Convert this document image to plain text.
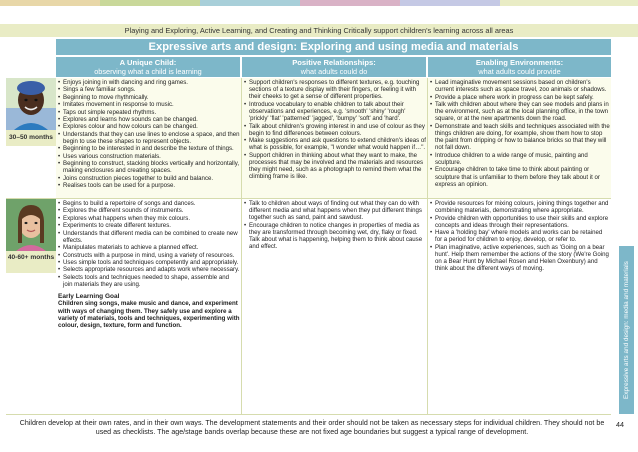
Playing and Exploring, Active Learning, and Creating and Thinking Critically support children's learning across all areas
Expressive arts and design: Exploring and using media and materials
A Unique Child:
observing what a child is learning
Positive Relationships:
what adults could do
Enabling Environments:
what adults could provide
30–50 months
• Enjoys joining in with dancing and ring games.
• Sings a few familiar songs.
• Beginning to move rhythmically.
• Imitates movement in response to music.
• Taps out simple repeated rhythms.
• Explores and learns how sounds can be changed.
• Explores colour and how colours can be changed.
• Understands that they can use lines to enclose a space, and then begin to use these shapes to represent objects.
• Beginning to be interested in and describe the texture of things.
• Uses various construction materials.
• Beginning to construct, stacking blocks vertically and horizontally, making enclosures and creating spaces.
• Joins construction pieces together to build and balance.
• Realises tools can be used for a purpose.
• Support children's responses to different textures, e.g. touching sections of a texture display with their fingers, or feeling it with their cheeks to get a sense of different properties.
• Introduce vocabulary to enable children to talk about their observations and experiences, e.g. 'smooth' 'shiny' 'rough' 'prickly' 'flat' 'patterned' 'jagged', 'bumpy' 'soft' and 'hard'.
• Talk about children's growing interest in and use of colour as they begin to find differences between colours.
• Make suggestions and ask questions to extend children's ideas of what is possible, for example, "I wonder what would happen if…".
• Support children in thinking about what they want to make, the processes that may be involved and the materials and resources they might need, such as a photograph to remind them what the climbing frame is like.
• Lead imaginative movement sessions based on children's current interests such as space travel, zoo animals or shadows.
• Provide a place where work in progress can be kept safely.
• Talk with children about where they can see models and plans in the environment, such as at the local planning office, in the town square, or at the new apartments down the road.
• Demonstrate and teach skills and techniques associated with the things children are doing, for example, show them how to stop the paint from dripping or how to balance bricks so that they will not fall down.
• Introduce children to a wide range of music, painting and sculpture.
• Encourage children to take time to think about painting or sculpture that is unfamiliar to them before they talk about it or express an opinion.
40-60+ months
• Begins to build a repertoire of songs and dances.
• Explores the different sounds of instruments.
• Explores what happens when they mix colours.
• Experiments to create different textures.
• Understands that different media can be combined to create new effects.
• Manipulates materials to achieve a planned effect.
• Constructs with a purpose in mind, using a variety of resources.
• Uses simple tools and techniques competently and appropriately.
• Selects appropriate resources and adapts work where necessary.
• Selects tools and techniques needed to shape, assemble and join materials they are using.
Early Learning Goal
Children sing songs, make music and dance, and experiment with ways of changing them. They safely use and explore a variety of materials, tools and techniques, experimenting with colour, design, texture, form and function.
• Talk to children about ways of finding out what they can do with different media and what happens when they put different things together such as sand, paint and sawdust.
• Encourage children to notice changes in properties of media as they are transformed through becoming wet, dry, flaky or fixed. Talk about what is happening, helping them to think about cause and effect.
• Provide resources for mixing colours, joining things together and combining materials, demonstrating where appropriate.
• Provide children with opportunities to use their skills and explore concepts and ideas through their representations.
• Have a 'holding bay' where models and works can be retained for a period for children to enjoy, develop, or refer to.
• Plan imaginative, active experiences, such as 'Going on a bear hunt'. Help them remember the actions of the story (We're Going on a Bear Hunt by Michael Rosen and Helen Oxenbury) and think about the different ways of moving.	Expressive arts and design: media and materials
Children develop at their own rates, and in their own ways. The development statements and their order should not be taken as necessary steps for individual children. They should not be used as checklists. The age/stage bands overlap because these are not fixed age boundaries but suggest a typical range of development.
44
